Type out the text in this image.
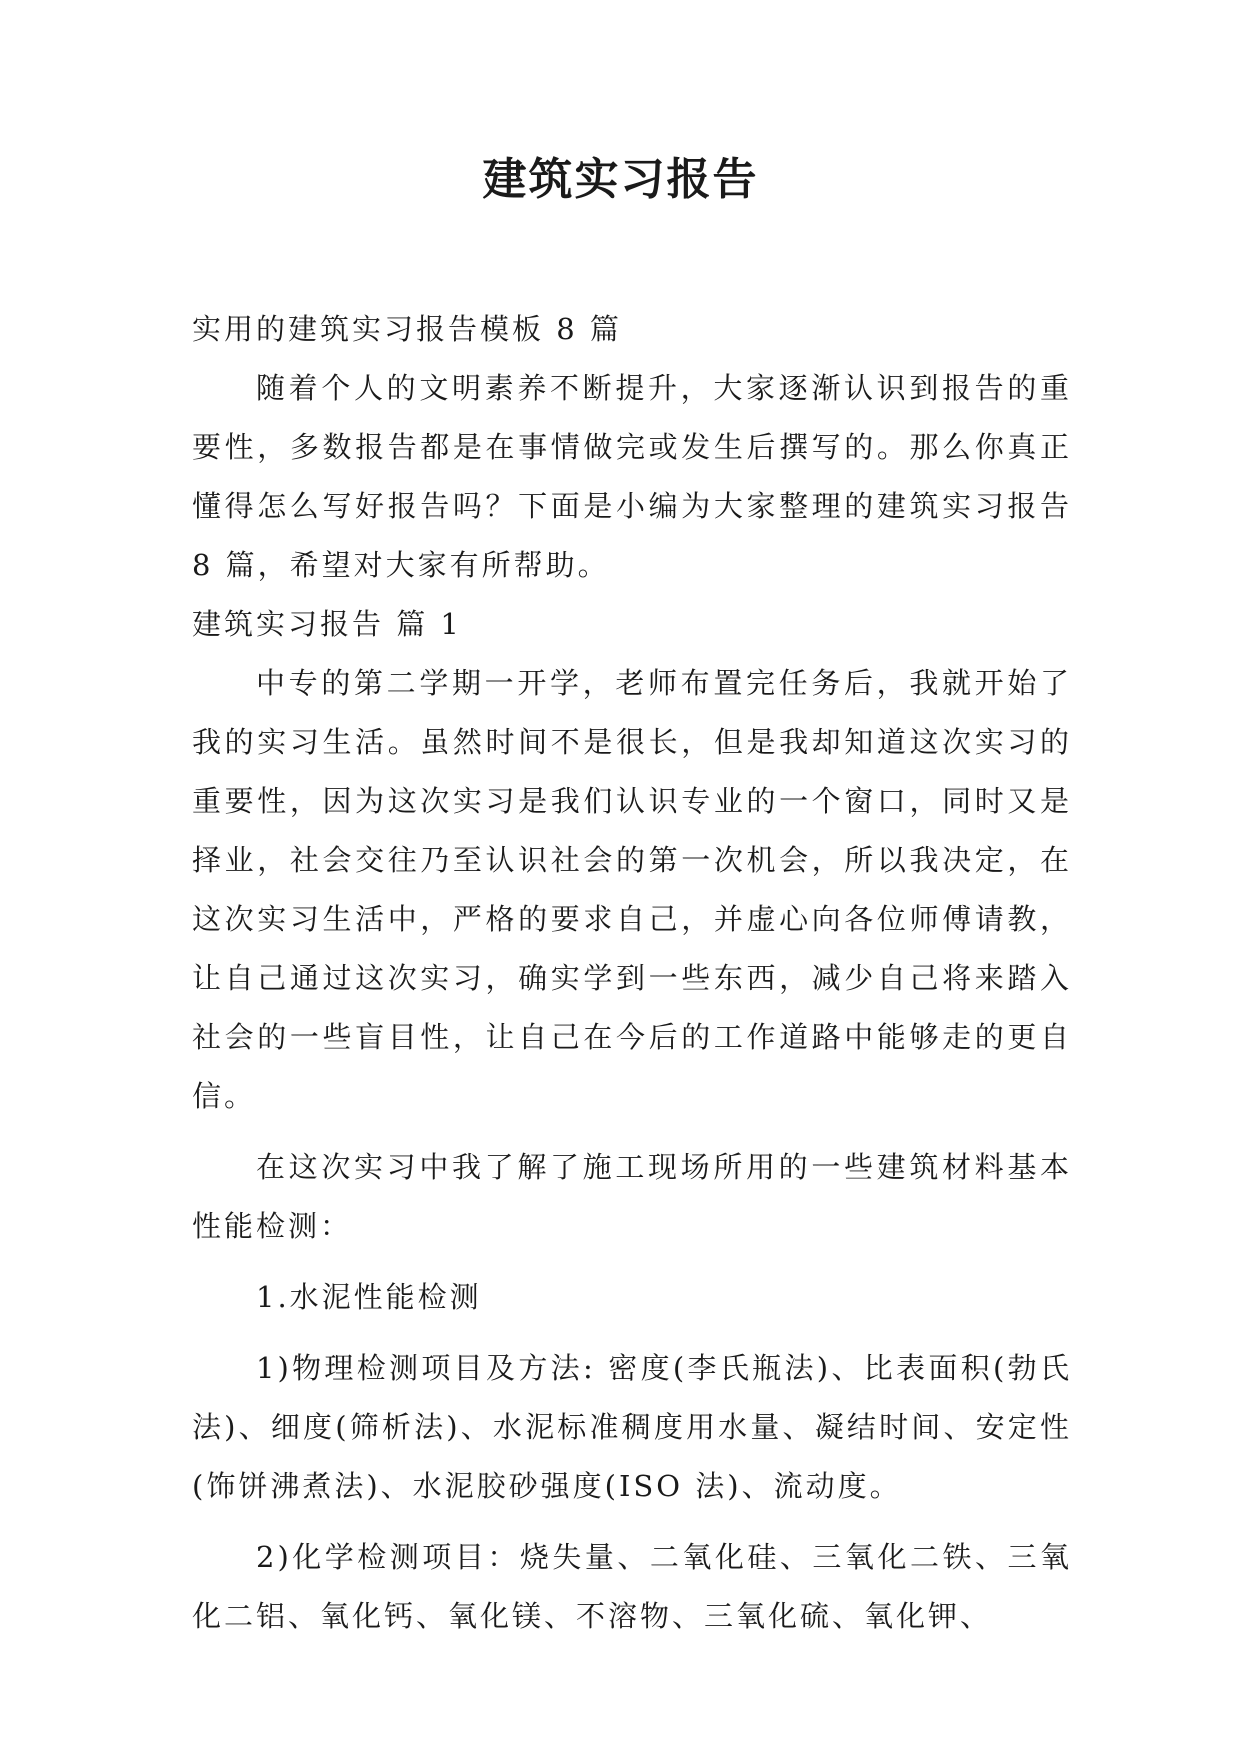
建筑实习报告

实用的建筑实习报告模板 8 篇

随着个人的文明素养不断提升，大家逐渐认识到报告的重要性，多数报告都是在事情做完或发生后撰写的。那么你真正懂得怎么写好报告吗？下面是小编为大家整理的建筑实习报告 8 篇，希望对大家有所帮助。

建筑实习报告 篇 1

中专的第二学期一开学，老师布置完任务后，我就开始了我的实习生活。虽然时间不是很长，但是我却知道这次实习的重要性，因为这次实习是我们认识专业的一个窗口，同时又是择业，社会交往乃至认识社会的第一次机会，所以我决定，在这次实习生活中，严格的要求自己，并虚心向各位师傅请教，让自己通过这次实习，确实学到一些东西，减少自己将来踏入社会的一些盲目性，让自己在今后的工作道路中能够走的更自信。

在这次实习中我了解了施工现场所用的一些建筑材料基本性能检测：

1.水泥性能检测

1)物理检测项目及方法: 密度(李氏瓶法)、比表面积(勃氏法)、细度(筛析法)、水泥标准稠度用水量、凝结时间、安定性(饰饼沸煮法)、水泥胶砂强度(ISO 法)、流动度。

2)化学检测项目：烧失量、二氧化硅、三氧化二铁、三氧化二铝、氧化钙、氧化镁、不溶物、三氧化硫、氧化钾、
